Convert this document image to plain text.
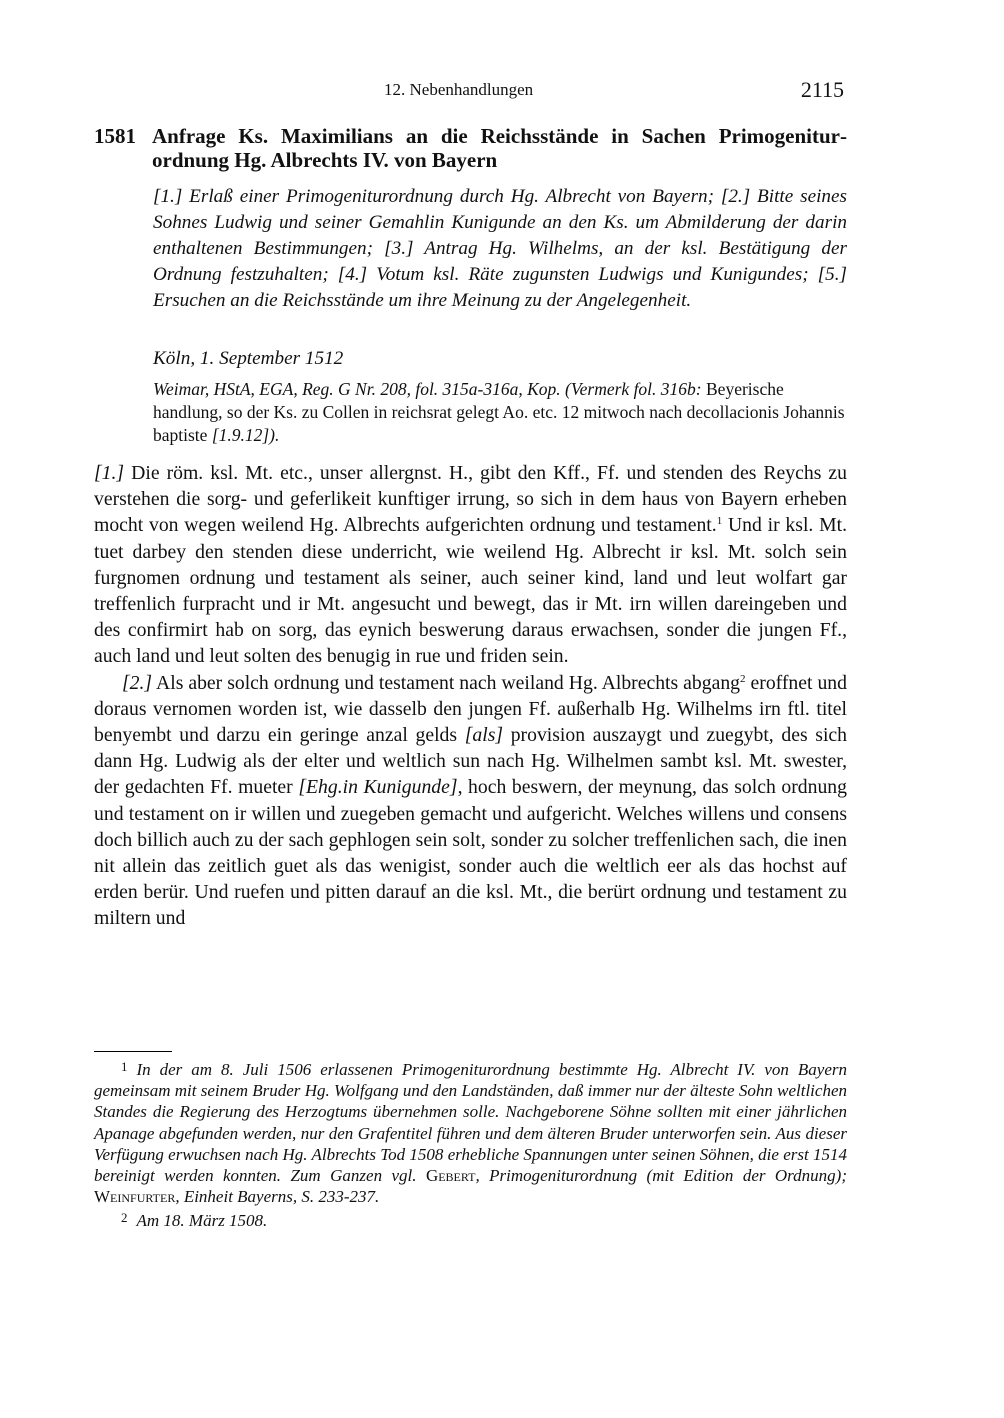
12. Nebenhandlungen	2115
1581 Anfrage Ks. Maximilians an die Reichsstände in Sachen Primogeniturordnung Hg. Albrechts IV. von Bayern
[1.] Erlaß einer Primogeniturordnung durch Hg. Albrecht von Bayern; [2.] Bitte seines Sohnes Ludwig und seiner Gemahlin Kunigunde an den Ks. um Abmilderung der darin enthaltenen Bestimmungen; [3.] Antrag Hg. Wilhelms, an der ksl. Bestätigung der Ordnung festzuhalten; [4.] Votum ksl. Räte zugunsten Ludwigs und Kunigundes; [5.] Ersuchen an die Reichsstände um ihre Meinung zu der Angelegenheit.
Köln, 1. September 1512
Weimar, HStA, EGA, Reg. G Nr. 208, fol. 315a-316a, Kop. (Vermerk fol. 316b: Beyerische handlung, so der Ks. zu Collen in reichsrat gelegt Ao. etc. 12 mitwoch nach decollacionis Johannis baptiste [1.9.12]).

[1.] Die röm. ksl. Mt. etc., unser allergnst. H., gibt den Kff., Ff. und stenden des Reychs zu verstehen die sorg- und geferlikeit kunftiger irrung, so sich in dem haus von Bayern erheben mocht von wegen weilend Hg. Albrechts aufgerichten ordnung und testament.$^1$ Und ir ksl. Mt. tuet darbey den stenden diese underricht, wie weilend Hg. Albrecht ir ksl. Mt. solch sein furgnomen ordnung und testament als seiner, auch seiner kind, land und leut wolfart gar treffenlich furpracht und ir Mt. angesucht und bewegt, das ir Mt. irn willen dareingeben und des confirmirt hab on sorg, das eynich beswerung daraus erwachsen, sonder die jungen Ff., auch land und leut solten des benugig in rue und friden sein.

[2.] Als aber solch ordnung und testament nach weiland Hg. Albrechts abgang$^2$ eroffnet und doraus vernomen worden ist, wie dasselb den jungen Ff. außerhalb Hg. Wilhelms irn ftl. titel benyembt und darzu ein geringe anzal gelds [als] provision auszaygt und zuegybt, des sich dann Hg. Ludwig als der elter und weltlich sun nach Hg. Wilhelmen sambt ksl. Mt. swester, der gedachten Ff. mueter [Ehg.in Kunigunde], hoch beswern, der meynung, das solch ordnung und testament on ir willen und zuegeben gemacht und aufgericht. Welches willens und consens doch billich auch zu der sach gephlogen sein solt, sonder zu solcher treffenlichen sach, die inen nit allein das zeitlich guet als das wenigist, sonder auch die weltlich eer als das hochst auf erden berür. Und ruefen und pitten darauf an die ksl. Mt., die berürt ordnung und testament zu miltern und

$^1$ In der am 8. Juli 1506 erlassenen Primogeniturordnung bestimmte Hg. Albrecht IV. von Bayern gemeinsam mit seinem Bruder Hg. Wolfgang und den Landständen, daß immer nur der älteste Sohn weltlichen Standes die Regierung des Herzogtums übernehmen solle. Nachgeborene Söhne sollten mit einer jährlichen Apanage abgefunden werden, nur den Grafentitel führen und dem älteren Bruder unterworfen sein. Aus dieser Verfügung erwuchsen nach Hg. Albrechts Tod 1508 erhebliche Spannungen unter seinen Söhnen, die erst 1514 bereinigt werden konnten. Zum Ganzen vgl. Gebert, Primogeniturordnung (mit Edition der Ordnung); Weinfurter, Einheit Bayerns, S. 233-237.

$^2$ Am 18. März 1508.
